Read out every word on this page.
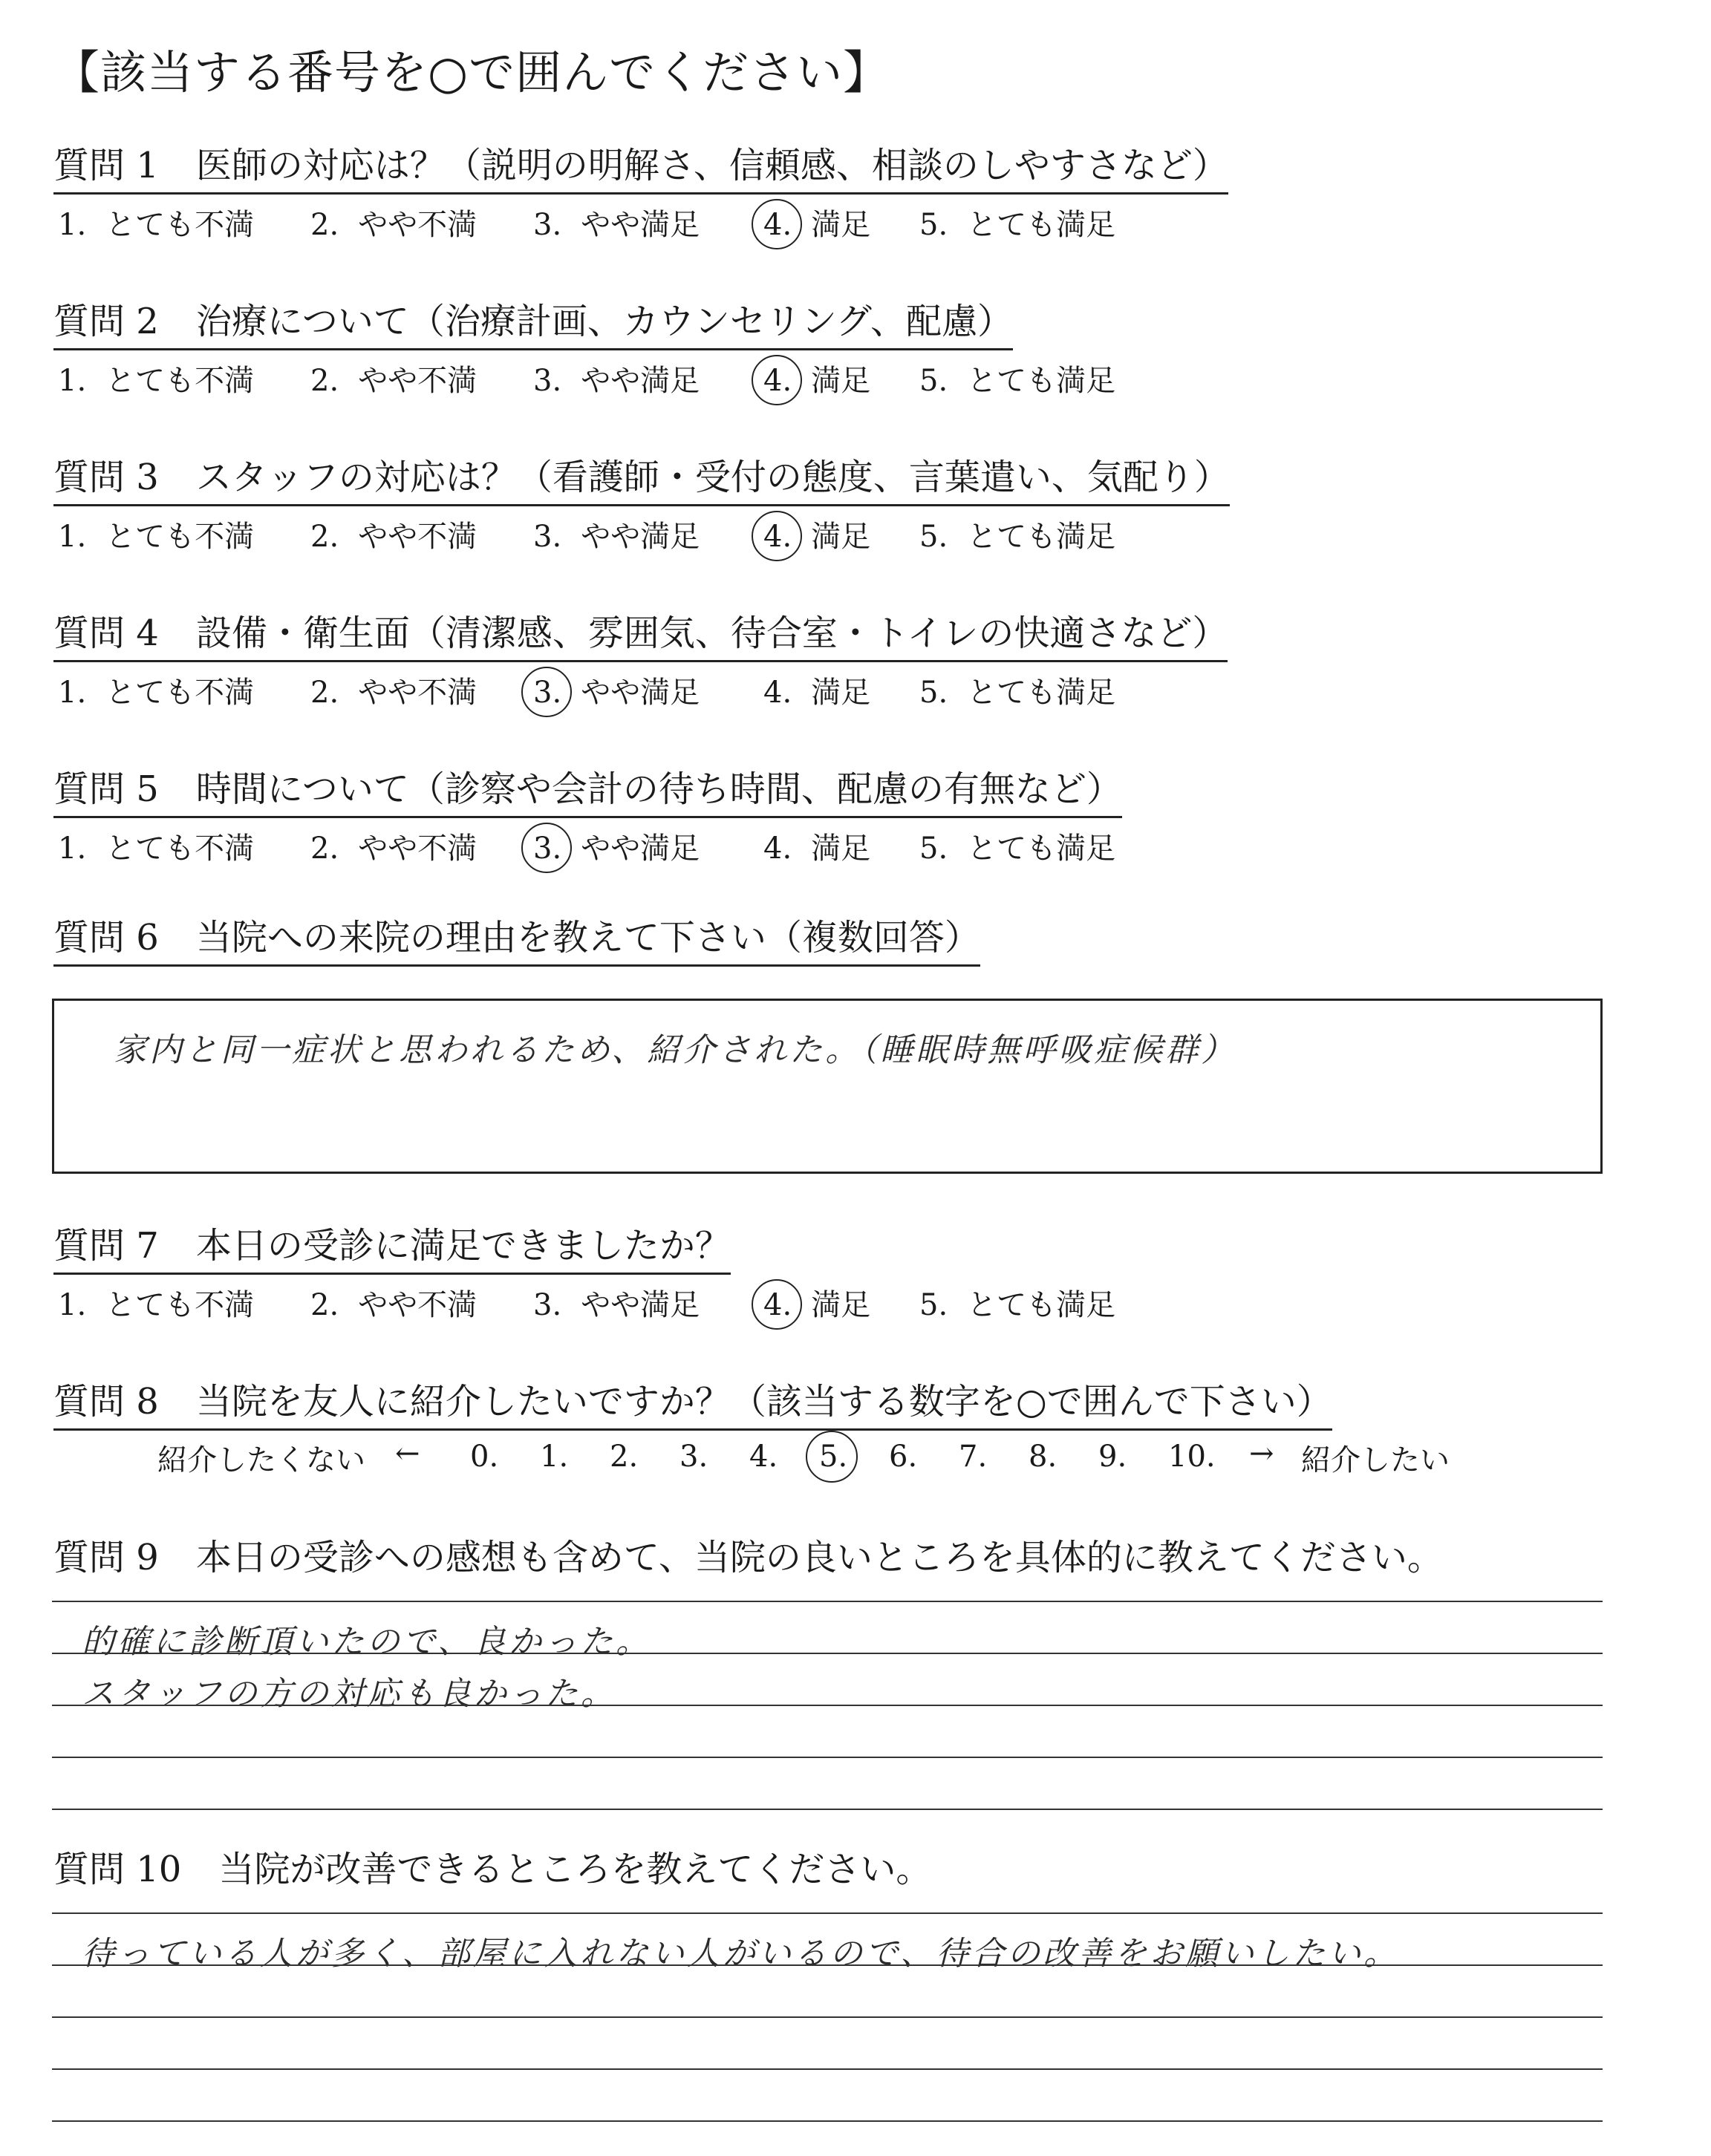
【該当する番号を○で囲んでください】
質問 1 医師の対応は？（説明の明解さ、信頼感、相談のしやすさなど）
1. とても不満 2. やや不満 3. やや満足 4. 満足 5. とても満足
質問 2 治療について（治療計画、カウンセリング、配慮）
1. とても不満 2. やや不満 3. やや満足 4. 満足 5. とても満足
質問 3 スタッフの対応は？（看護師・受付の態度、言葉遣い、気配り）
1. とても不満 2. やや不満 3. やや満足 4. 満足 5. とても満足
質問 4 設備・衛生面（清潔感、雰囲気、待合室・トイレの快適さなど）
1. とても不満 2. やや不満 3. やや満足 4. 満足 5. とても満足
質問 5 時間について（診察や会計の待ち時間、配慮の有無など）
1. とても不満 2. やや不満 3. やや満足 4. 満足 5. とても満足
質問 6 当院への来院の理由を教えて下さい（複数回答）
家内と同一症状と思われるため、紹介された。（睡眠時無呼吸症候群）
質問 7 本日の受診に満足できましたか？
1. とても不満 2. やや不満 3. やや満足 4. 満足 5. とても満足
質問 8 当院を友人に紹介したいですか？（該当する数字を○で囲んで下さい）
紹介したくない ← 0. 1. 2. 3. 4. 5. 6. 7. 8. 9. 10. → 紹介したい
質問 9 本日の受診への感想も含めて、当院の良いところを具体的に教えてください。
的確に診断頂いたので、良かった。
スタッフの方の対応も良かった。
質問 10 当院が改善できるところを教えてください。
待っている人が多く、部屋に入れない人がいるので、待合の改善をお願いしたい。
